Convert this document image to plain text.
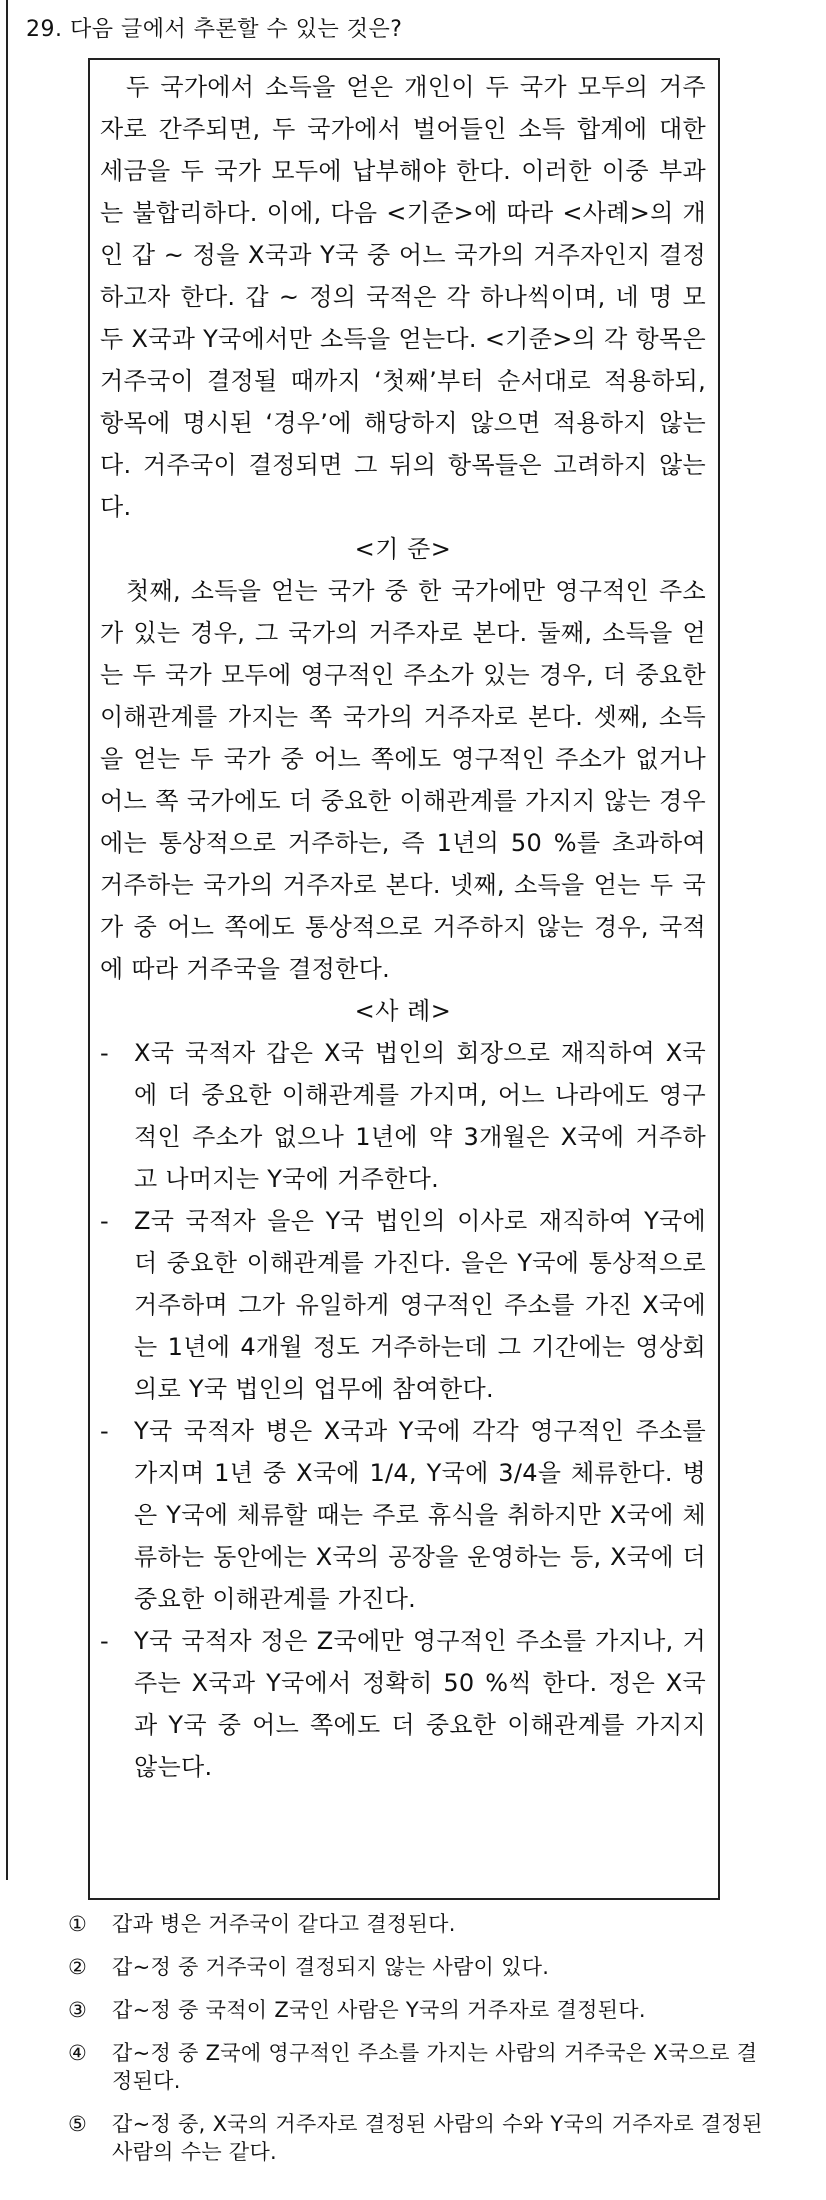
29. 다음 글에서 추론할 수 있는 것은?

두 국가에서 소득을 얻은 개인이 두 국가 모두의 거주자로 간주되면, 두 국가에서 벌어들인 소득 합계에 대한 세금을 두 국가 모두에 납부해야 한다. 이러한 이중 부과는 불합리하다. 이에, 다음 <기준>에 따라 <사례>의 개인 갑 ~ 정을 X국과 Y국 중 어느 국가의 거주자인지 결정하고자 한다. 갑 ~ 정의 국적은 각 하나씩이며, 네 명 모두 X국과 Y국에서만 소득을 얻는다. <기준>의 각 항목은 거주국이 결정될 때까지 ‘첫째’부터 순서대로 적용하되, 항목에 명시된 ‘경우’에 해당하지 않으면 적용하지 않는다. 거주국이 결정되면 그 뒤의 항목들은 고려하지 않는다.

<기 준>

첫째, 소득을 얻는 국가 중 한 국가에만 영구적인 주소가 있는 경우, 그 국가의 거주자로 본다. 둘째, 소득을 얻는 두 국가 모두에 영구적인 주소가 있는 경우, 더 중요한 이해관계를 가지는 쪽 국가의 거주자로 본다. 셋째, 소득을 얻는 두 국가 중 어느 쪽에도 영구적인 주소가 없거나 어느 쪽 국가에도 더 중요한 이해관계를 가지지 않는 경우에는 통상적으로 거주하는, 즉 1년의 50 %를 초과하여 거주하는 국가의 거주자로 본다. 넷째, 소득을 얻는 두 국가 중 어느 쪽에도 통상적으로 거주하지 않는 경우, 국적에 따라 거주국을 결정한다.

<사 례>

- X국 국적자 갑은 X국 법인의 회장으로 재직하여 X국에 더 중요한 이해관계를 가지며, 어느 나라에도 영구적인 주소가 없으나 1년에 약 3개월은 X국에 거주하고 나머지는 Y국에 거주한다.
- Z국 국적자 을은 Y국 법인의 이사로 재직하여 Y국에 더 중요한 이해관계를 가진다. 을은 Y국에 통상적으로 거주하며 그가 유일하게 영구적인 주소를 가진 X국에는 1년에 4개월 정도 거주하는데 그 기간에는 영상회의로 Y국 법인의 업무에 참여한다.
- Y국 국적자 병은 X국과 Y국에 각각 영구적인 주소를 가지며 1년 중 X국에 1/4, Y국에 3/4을 체류한다. 병은 Y국에 체류할 때는 주로 휴식을 취하지만 X국에 체류하는 동안에는 X국의 공장을 운영하는 등, X국에 더 중요한 이해관계를 가진다.
- Y국 국적자 정은 Z국에만 영구적인 주소를 가지나, 거주는 X국과 Y국에서 정확히 50 %씩 한다. 정은 X국과 Y국 중 어느 쪽에도 더 중요한 이해관계를 가지지 않는다.
① 갑과 병은 거주국이 같다고 결정된다.
② 갑~정 중 거주국이 결정되지 않는 사람이 있다.
③ 갑~정 중 국적이 Z국인 사람은 Y국의 거주자로 결정된다.
④ 갑~정 중 Z국에 영구적인 주소를 가지는 사람의 거주국은 X국으로 결정된다.
⑤ 갑~정 중, X국의 거주자로 결정된 사람의 수와 Y국의 거주자로 결정된 사람의 수는 같다.
